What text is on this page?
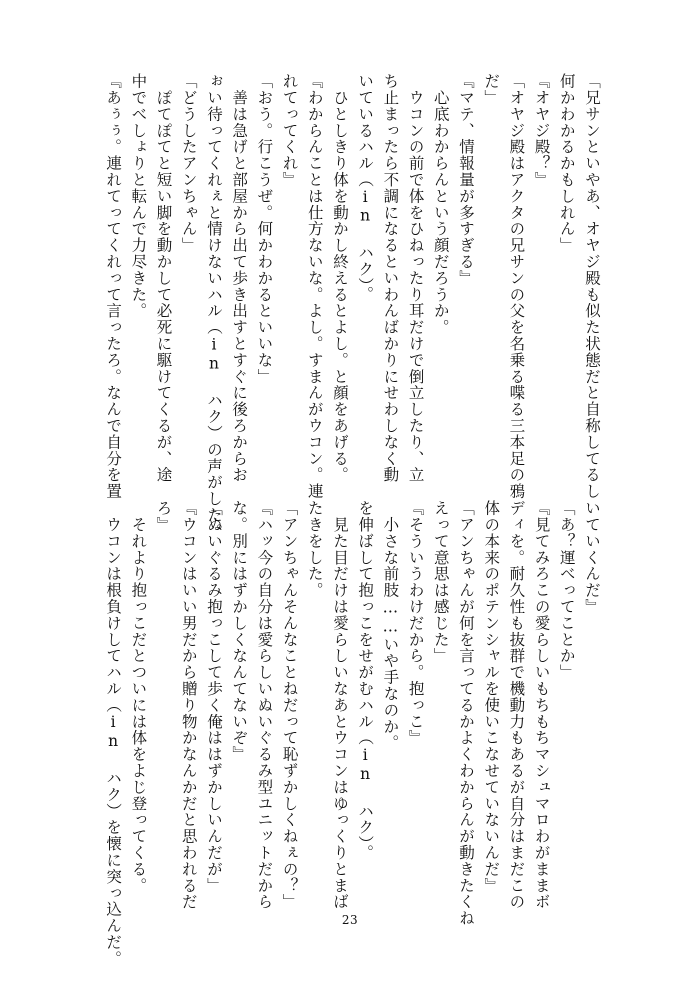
「兄サンといやあ、オヤジ殿も似た状態だと自称してるし
何かわかるかもしれん」
『オヤジ殿？』
「オヤジ殿はアクタの兄サンの父を名乗る喋る三本足の鴉
だ」
『マテ、情報量が多すぎる』
　心底わからんという顔だろうか。
　ウコンの前で体をひねったり耳だけで倒立したり、立
ち止まったら不調になるといわんばかりにせわしなく動
いているハル（in ハク）。
　ひとしきり体を動かし終えるとよし。と顔をあげる。
『わからんことは仕方ないな。よし。すまんがウコン。連
れてってくれ』
「おう。行こうぜ。何かわかるといいな」
　善は急げと部屋から出て歩き出すとすぐに後ろからお
ぉい待ってくれぇと情けないハル（in ハク）の声がした。
「どうしたアンちゃん」
　ぽてぽてと短い脚を動かして必死に駆けてくるが、途
中でべしょりと転んで力尽きた。
『あぅぅ。連れてってくれって言ったろ。なんで自分を置
いていくんだ』
「あ？運べってことか」
『見てみろこの愛らしいもちもちマシュマロわがままボ
ディを。耐久性も抜群で機動力もあるが自分はまだこの
体の本来のポテンシャルを使いこなせていないんだ』
「アンちゃんが何を言ってるかよくわからんが動きたくね
えって意思は感じた」
『そういうわけだから。抱っこ』
　小さな前肢……いや手なのか。
を伸ばして抱っこをせがむハル（in ハク）。
　見た目だけは愛らしいなあとウコンはゆっくりとまば
たきをした。
「アンちゃんそんなことねだって恥ずかしくねぇの？」
『ハッ今の自分は愛らしいぬいぐるみ型ユニットだから
な。別にはずかしくなんてないぞ』
「ぬいぐるみ抱っこして歩く俺ははずかしいんだが」
『ウコンはいい男だから贈り物かなんかだと思われるだ
ろ』
　それより抱っこだとついには体をよじ登ってくる。
　ウコンは根負けしてハル（in ハク）を懐に突っ込んだ。	23
